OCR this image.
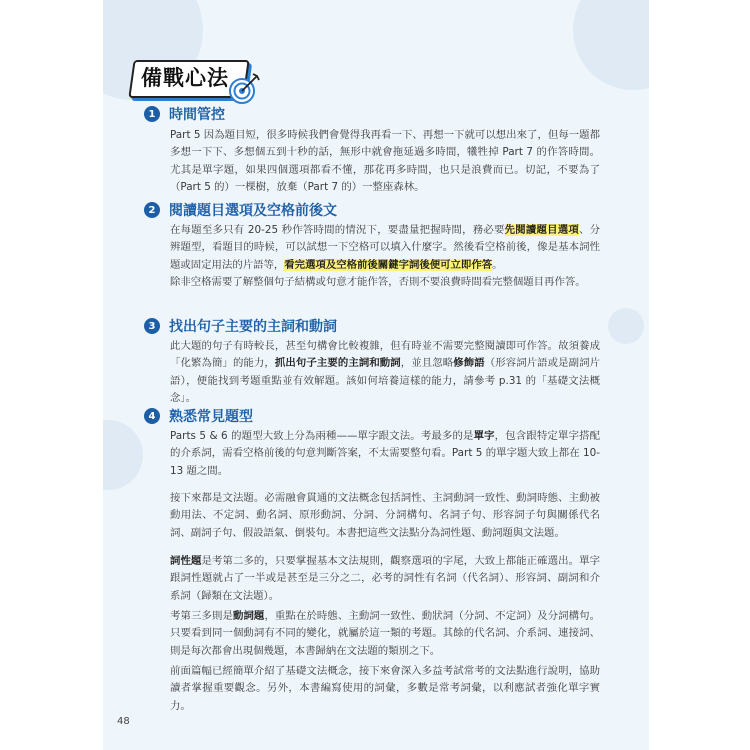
備戰心法
1 時間管控

Part 5 因為題目短，很多時候我們會覺得我再看一下、再想一下就可以想出來了，但每一題都多想一下下、多想個五到十秒的話，無形中就會拖延過多時間，犧牲掉 Part 7 的作答時間。尤其是單字題，如果四個選項都看不懂，那花再多時間，也只是浪費而已。切記，不要為了（Part 5 的）一棵樹，放棄（Part 7 的）一整座森林。

2 閱讀題目選項及空格前後文

在每題至多只有 20-25 秒作答時間的情況下，要盡量把握時間，務必要先閱讀題目選項、分辨題型，看題目的時候，可以試想一下空格可以填入什麼字。然後看空格前後，像是基本詞性題或固定用法的片語等，看完選項及空格前後關鍵字詞後便可立即作答。

除非空格需要了解整個句子結構或句意才能作答，否則不要浪費時間看完整個題目再作答。

3 找出句子主要的主詞和動詞

此大題的句子有時較長，甚至句構會比較複雜，但有時並不需要完整閱讀即可作答。故須養成「化繁為簡」的能力，抓出句子主要的主詞和動詞，並且忽略修飾語（形容詞片語或是副詞片語），便能找到考題重點並有效解題。該如何培養這樣的能力，請參考 p.31 的「基礎文法概念」。

4 熟悉常見題型

Parts 5 & 6 的題型大致上分為兩種——單字跟文法。考最多的是單字，包含跟特定單字搭配的介系詞，需看空格前後的句意判斷答案，不太需要整句看。Part 5 的單字題大致上都在 10-13 題之間。

接下來都是文法題。必需融會貫通的文法概念包括詞性、主詞動詞一致性、動詞時態、主動被動用法、不定詞、動名詞、原形動詞、分詞、分詞構句、名詞子句、形容詞子句與關係代名詞、副詞子句、假設語氣、倒裝句。本書把這些文法點分為詞性題、動詞題與文法題。

詞性題是考第二多的，只要掌握基本文法規則，觀察選項的字尾，大致上都能正確選出。單字跟詞性題就占了一半或是甚至是三分之二，必考的詞性有名詞（代名詞）、形容詞、副詞和介系詞（歸類在文法題）。

考第三多則是動詞題，重點在於時態、主動詞一致性、動狀詞（分詞、不定詞）及分詞構句。只要看到同一個動詞有不同的變化，就屬於這一類的考題。其餘的代名詞、介系詞、連接詞、則是每次都會出現個幾題，本書歸納在文法題的類別之下。

前面篇幅已經簡單介紹了基礎文法概念，接下來會深入多益考試常考的文法點進行說明，協助讀者掌握重要觀念。另外，本書編寫使用的詞彙，多數是常考詞彙，以利應試者強化單字實力。

48
